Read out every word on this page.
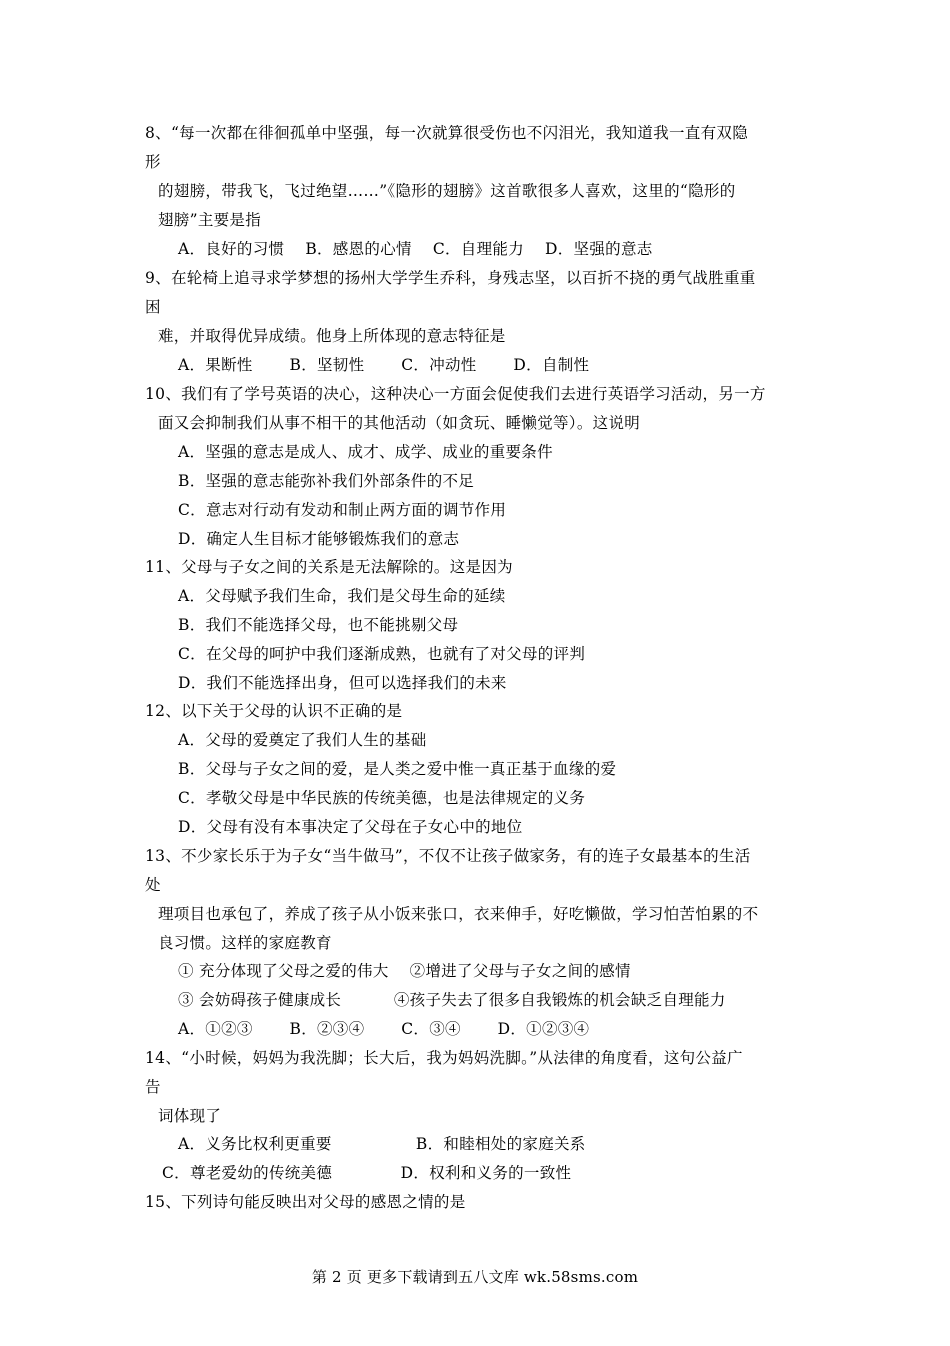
8、“每一次都在徘徊孤单中坚强，每一次就算很受伤也不闪泪光，我知道我一直有双隐
形
的翅膀，带我飞，飞过绝望……”《隐形的翅膀》这首歌很多人喜欢，这里的“隐形的
翅膀”主要是指
A．良好的习惯　 B．感恩的心情　 C．自理能力　 D．坚强的意志
9、在轮椅上追寻求学梦想的扬州大学学生乔科，身残志坚，以百折不挠的勇气战胜重重
困
难，并取得优异成绩。他身上所体现的意志特征是
A．果断性　　 B．坚韧性　　 C．冲动性　　 D．自制性
10、我们有了学号英语的决心，这种决心一方面会促使我们去进行英语学习活动，另一方
面又会抑制我们从事不相干的其他活动（如贪玩、睡懒觉等）。这说明
A．坚强的意志是成人、成才、成学、成业的重要条件
B．坚强的意志能弥补我们外部条件的不足
C．意志对行动有发动和制止两方面的调节作用
D．确定人生目标才能够锻炼我们的意志
11、父母与子女之间的关系是无法解除的。这是因为
A．父母赋予我们生命，我们是父母生命的延续
B．我们不能选择父母，也不能挑剔父母
C．在父母的呵护中我们逐渐成熟，也就有了对父母的评判
D．我们不能选择出身，但可以选择我们的未来
12、以下关于父母的认识不正确的是
A．父母的爱奠定了我们人生的基础
B．父母与子女之间的爱，是人类之爱中惟一真正基于血缘的爱
C．孝敬父母是中华民族的传统美德，也是法律规定的义务
D．父母有没有本事决定了父母在子女心中的地位
13、不少家长乐于为子女“当牛做马”，不仅不让孩子做家务，有的连子女最基本的生活
处
理项目也承包了，养成了孩子从小饭来张口，衣来伸手，好吃懒做，学习怕苦怕累的不
良习惯。这样的家庭教育
① 充分体现了父母之爱的伟大　 ②增进了父母与子女之间的感情
③ 会妨碍孩子健康成长　　　 ④孩子失去了很多自我锻炼的机会缺乏自理能力
A．①②③　　 B．②③④　　 C．③④　　 D．①②③④
14、“小时候，妈妈为我洗脚；长大后，我为妈妈洗脚。”从法律的角度看，这句公益广
告
词体现了
A．义务比权利更重要　　　　　 B．和睦相处的家庭关系
C．尊老爱幼的传统美德　　　　 D．权利和义务的一致性
15、下列诗句能反映出对父母的感恩之情的是
第 2 页 更多下载请到五八文库 wk.58sms.com
